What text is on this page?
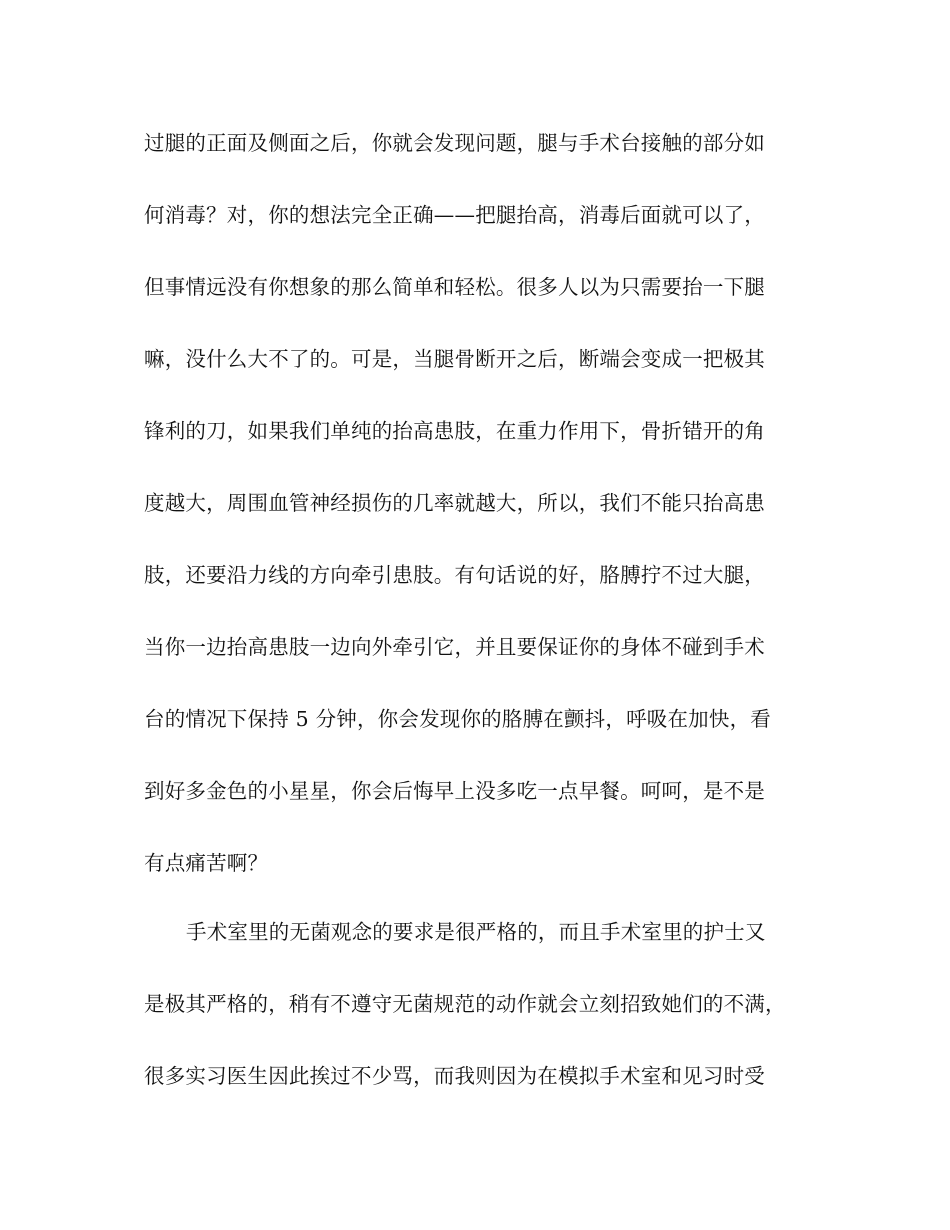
过腿的正面及侧面之后，你就会发现问题，腿与手术台接触的部分如
何消毒？对，你的想法完全正确——把腿抬高，消毒后面就可以了，
但事情远没有你想象的那么简单和轻松。很多人以为只需要抬一下腿
嘛，没什么大不了的。可是，当腿骨断开之后，断端会变成一把极其
锋利的刀，如果我们单纯的抬高患肢，在重力作用下，骨折错开的角
度越大，周围血管神经损伤的几率就越大，所以，我们不能只抬高患
肢，还要沿力线的方向牵引患肢。有句话说的好，胳膊拧不过大腿，
当你一边抬高患肢一边向外牵引它，并且要保证你的身体不碰到手术
台的情况下保持 5 分钟，你会发现你的胳膊在颤抖，呼吸在加快，看
到好多金色的小星星，你会后悔早上没多吃一点早餐。呵呵，是不是
有点痛苦啊？
手术室里的无菌观念的要求是很严格的，而且手术室里的护士又
是极其严格的，稍有不遵守无菌规范的动作就会立刻招致她们的不满，
很多实习医生因此挨过不少骂，而我则因为在模拟手术室和见习时受
